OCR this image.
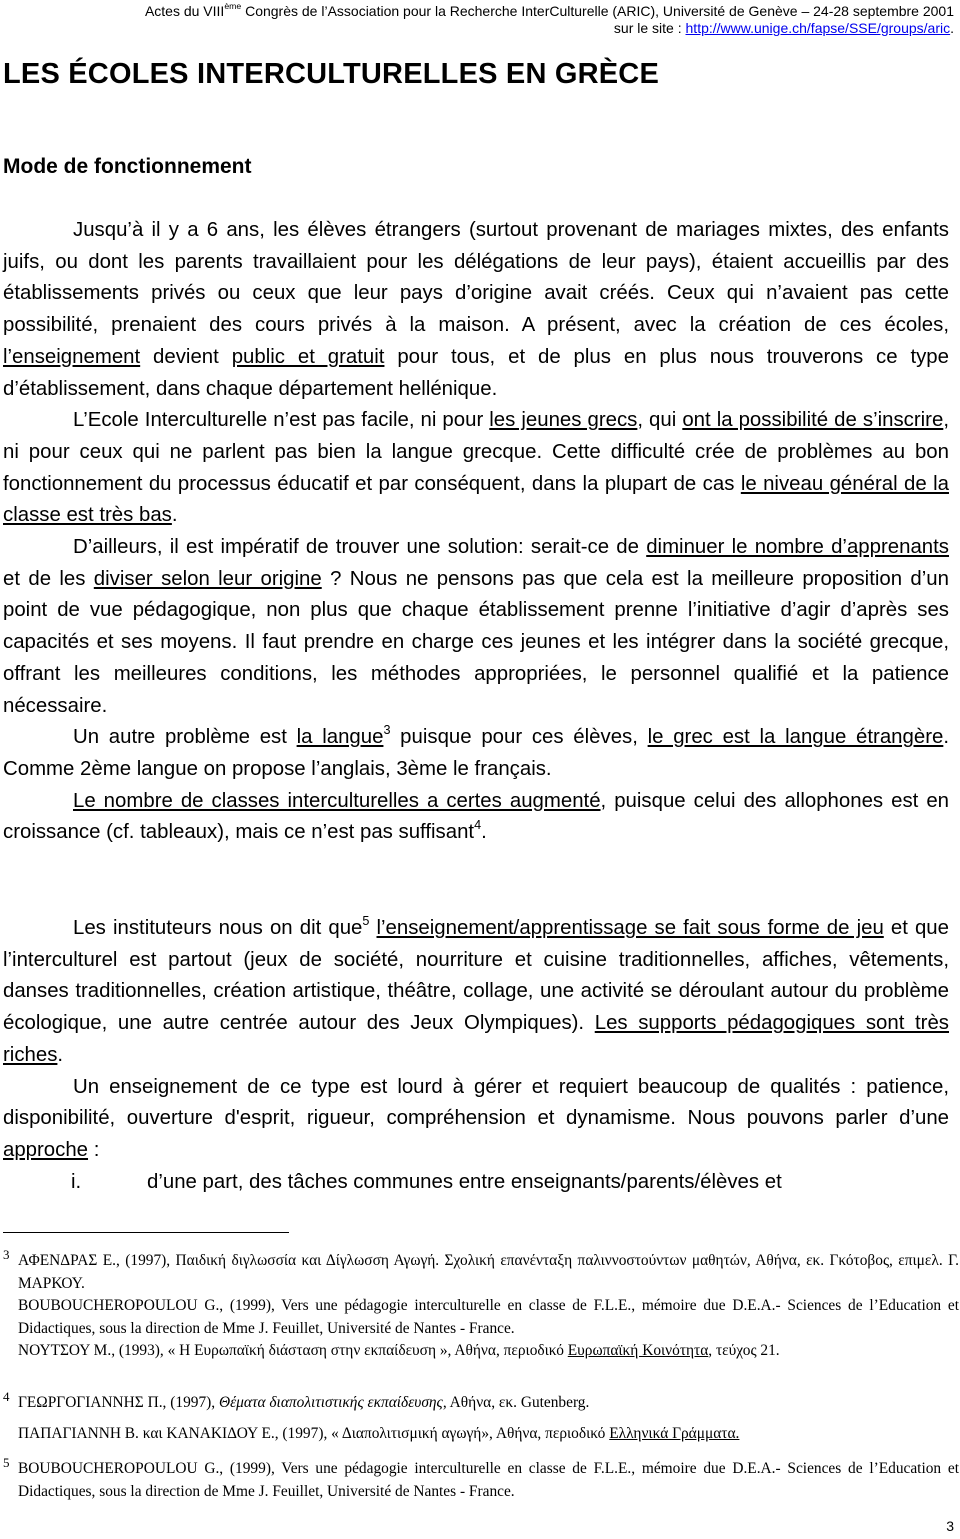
Actes du VIIIème Congrès de l’Association pour la Recherche InterCulturelle (ARIC), Université de Genève – 24-28 septembre 2001
sur le site : http://www.unige.ch/fapse/SSE/groups/aric.
LES ÉCOLES INTERCULTURELLES EN GRÈCE
Mode de fonctionnement

Jusqu’à il y a 6 ans, les élèves étrangers (surtout provenant de mariages mixtes, des enfants juifs, ou dont les parents travaillaient pour les délégations de leur pays), étaient accueillis par des établissements privés ou ceux que leur pays d’origine avait créés. Ceux qui n’avaient pas cette possibilité, prenaient des cours privés à la maison. A présent, avec la création de ces écoles, l’enseignement devient public et gratuit pour tous, et de plus en plus nous trouverons ce type d’établissement, dans chaque département hellénique.

L’Ecole Interculturelle n’est pas facile, ni pour les jeunes grecs, qui ont la possibilité de s’inscrire, ni pour ceux qui ne parlent pas bien la langue grecque. Cette difficulté crée de problèmes au bon fonctionnement du processus éducatif et par conséquent, dans la plupart de cas le niveau général de la classe est très bas.

D’ailleurs, il est impératif de trouver une solution: serait-ce de diminuer le nombre d’apprenants et de les diviser selon leur origine ? Nous ne pensons pas que cela est la meilleure proposition d’un point de vue pédagogique, non plus que chaque établissement prenne l’initiative d’agir d’après ses capacités et ses moyens. Il faut prendre en charge ces jeunes et les intégrer dans la société grecque, offrant les meilleures conditions, les méthodes appropriées, le personnel qualifié et la patience nécessaire.

Un autre problème est la langue$^3$ puisque pour ces élèves, le grec est la langue étrangère. Comme 2ème langue on propose l’anglais, 3ème le français.

Le nombre de classes interculturelles a certes augmenté, puisque celui des allophones est en croissance (cf. tableaux), mais ce n’est pas suffisant$^4$.

Les instituteurs nous on dit que$^5$ l’enseignement/apprentissage se fait sous forme de jeu et que l’interculturel est partout (jeux de société, nourriture et cuisine traditionnelles, affiches, vêtements, danses traditionnelles, création artistique, théâtre, collage, une activité se déroulant autour du problème écologique, une autre centrée autour des Jeux Olympiques). Les supports pédagogiques sont très riches.

Un enseignement de ce type est lourd à gérer et requiert beaucoup de qualités : patience, disponibilité, ouverture d'esprit, rigueur, compréhension et dynamisme. Nous pouvons parler d’une approche :

i.	d’une part, des tâches communes entre enseignants/parents/élèves et

3 ΑΦΕΝΔΡΑΣ Ε., (1997), Παιδική διγλωσσία και Δίγλωσση Αγωγή. Σχολική επανένταξη παλιννοστούντων μαθητών, Αθήνα, εκ. Γκότοβος, επιμελ. Γ. ΜΑΡΚΟΥ.
BOUBOUCHEROPOULOU G., (1999), Vers une pédagogie interculturelle en classe de F.L.E., mémoire due D.E.A.- Sciences de l’Education et Didactiques, sous la direction de Mme J. Feuillet, Université de Nantes - France.
ΝΟΥΤΣΟΥ Μ., (1993), « Η Ευρωπαϊκή διάσταση στην εκπαίδευση », Αθήνα, περιοδικό Ευρωπαϊκή Κοινότητα, τεύχος 21.
4 ΓΕΩΡΓΟΓΙΑΝΝΗΣ Π., (1997), Θέματα διαπολιτιστικής εκπαίδευσης, Αθήνα, εκ. Gutenberg.
ΠΑΠΑΓΙΑΝΝΗ Β. και ΚΑΝΑΚΙΔΟΥ Ε., (1997), « Διαπολιτισμική αγωγή», Αθήνα, περιοδικό Ελληνικά Γράμματα.
5 BOUBOUCHEROPOULOU G., (1999), Vers une pédagogie interculturelle en classe de F.L.E., mémoire due D.E.A.- Sciences de l’Education et Didactiques, sous la direction de Mme J. Feuillet, Université de Nantes - France.
3
